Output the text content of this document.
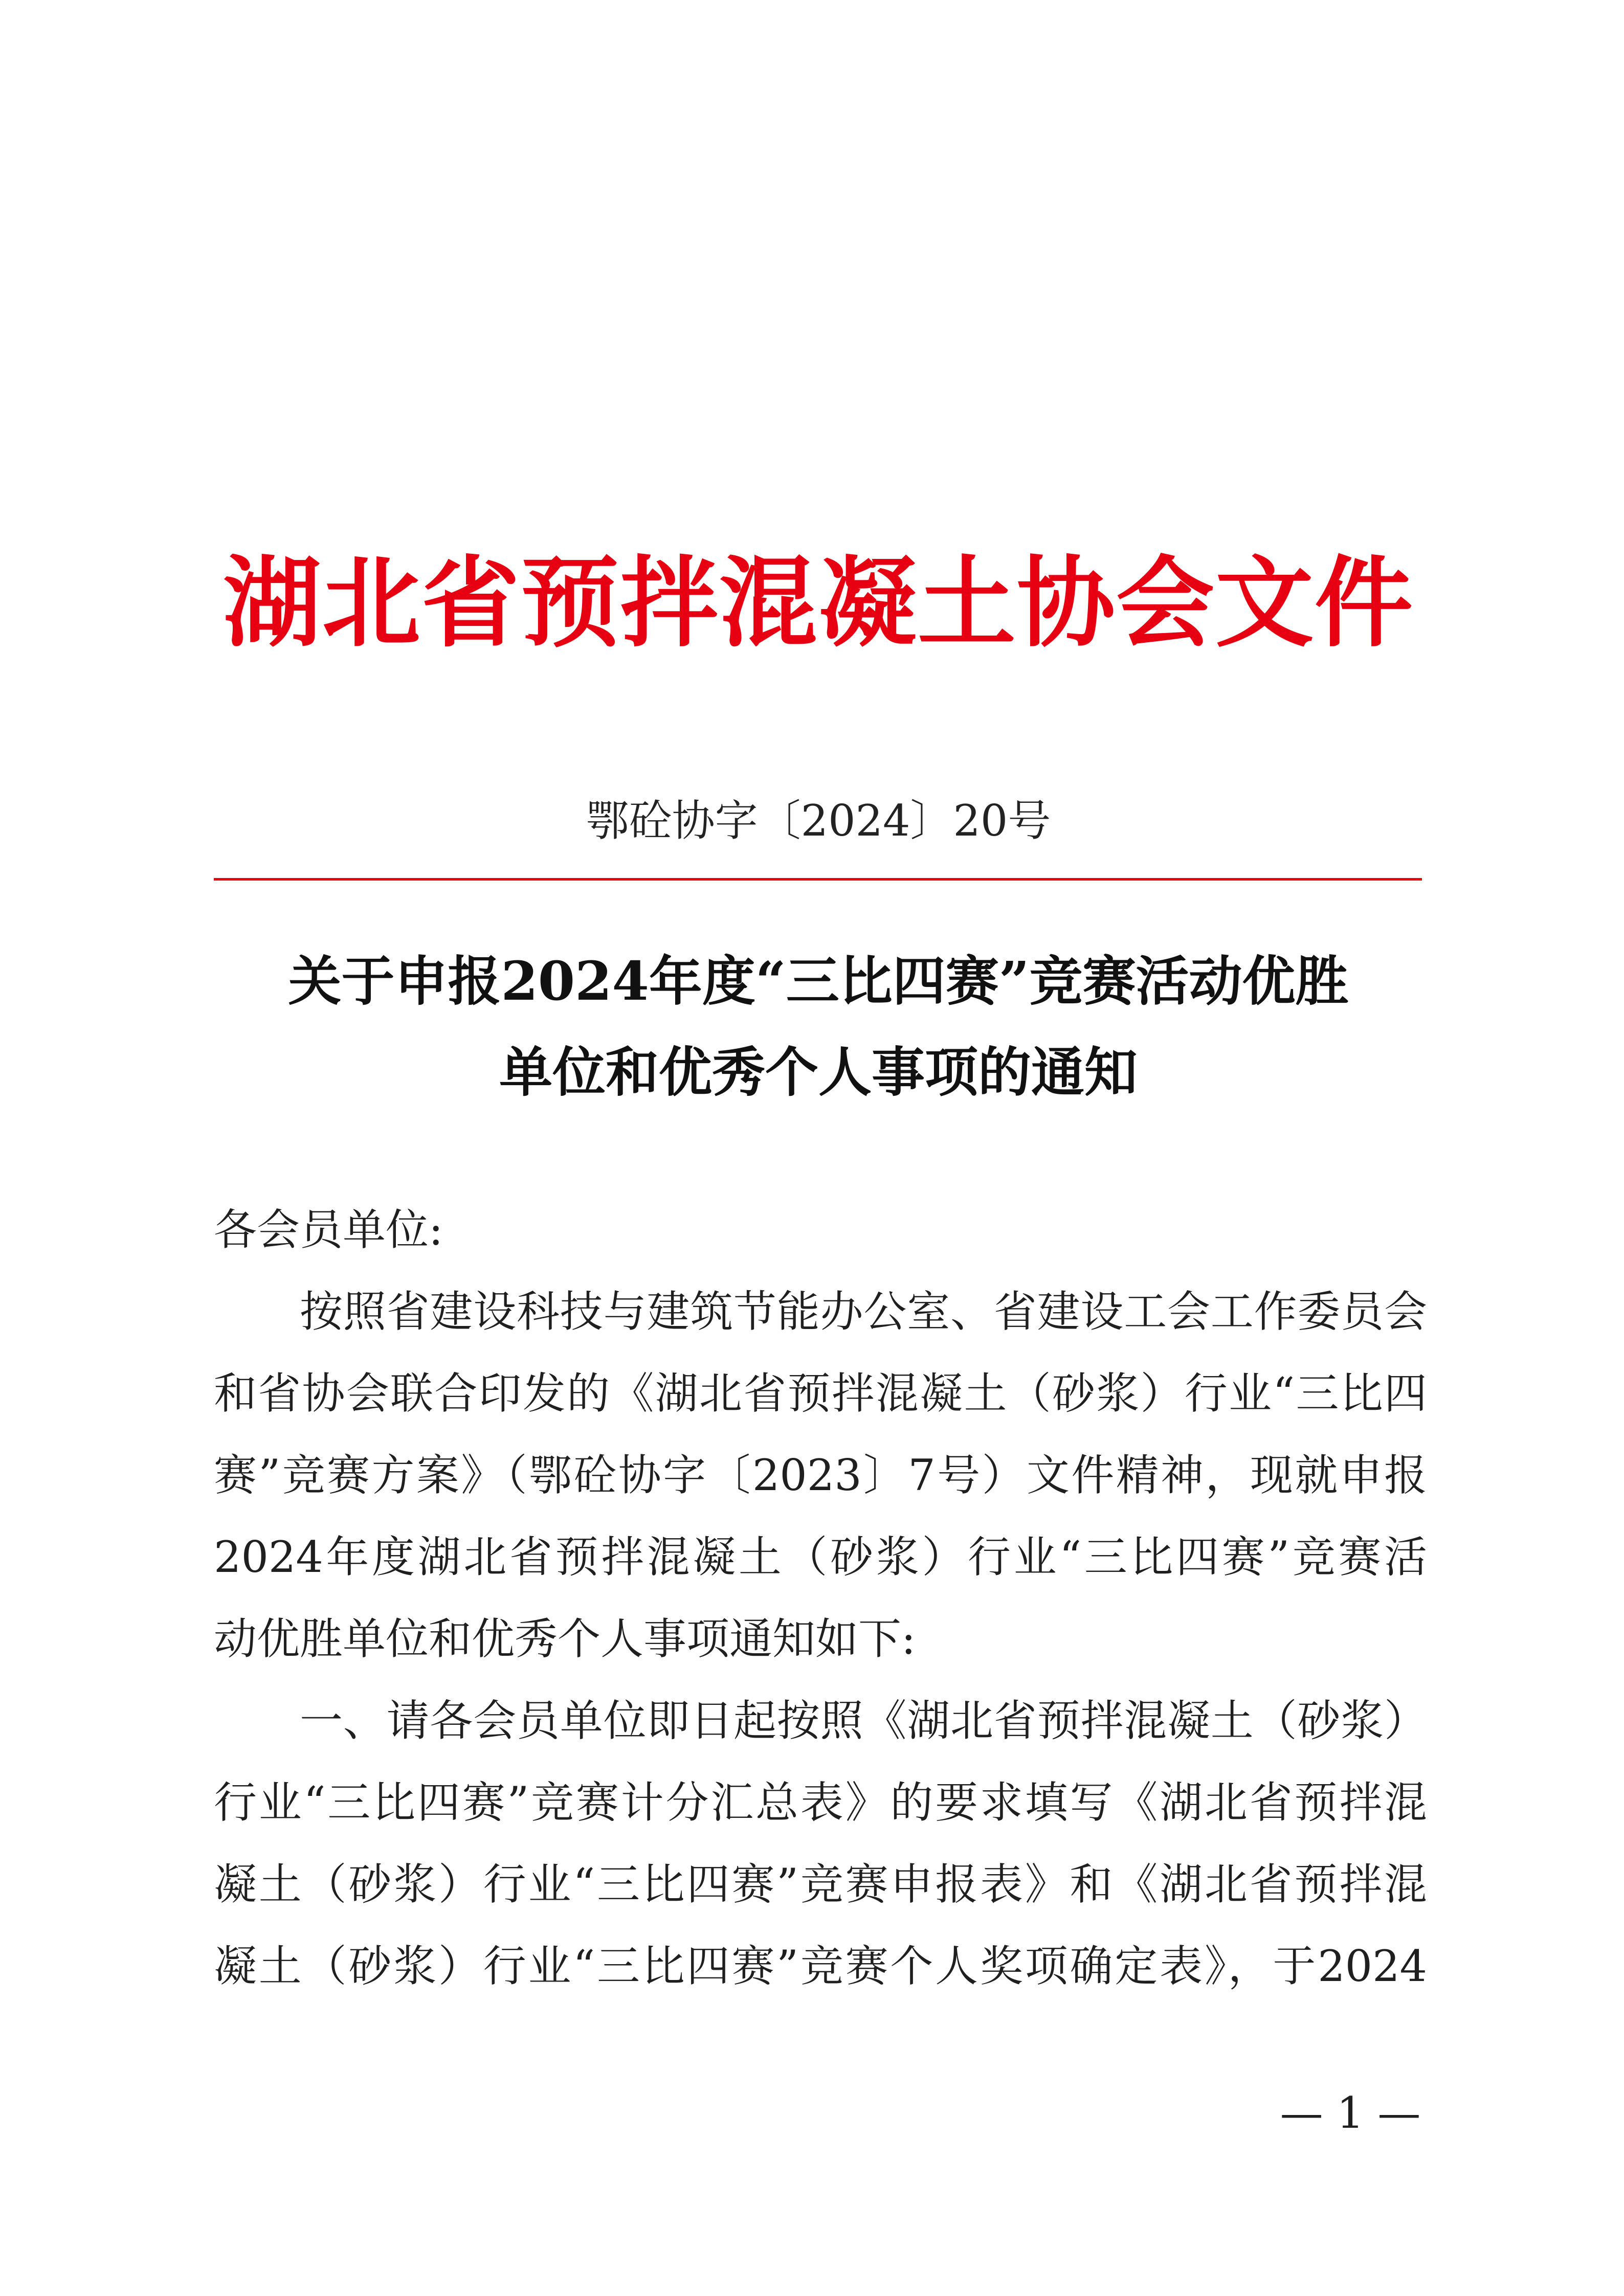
湖北省预拌混凝土协会文件
鄂砼协字〔2024〕20号
关于申报2024年度“三比四赛”竞赛活动优胜
单位和优秀个人事项的通知
各会员单位:
按照省建设科技与建筑节能办公室、省建设工会工作委员会
和省协会联合印发的《湖北省预拌混凝土（砂浆）行业“三比四
赛”竞赛方案》（鄂砼协字〔2023〕7号）文件精神，现就申报
2024年度湖北省预拌混凝土（砂浆）行业“三比四赛”竞赛活
动优胜单位和优秀个人事项通知如下:
一、请各会员单位即日起按照《湖北省预拌混凝土（砂浆）
行业“三比四赛”竞赛计分汇总表》的要求填写《湖北省预拌混
凝土（砂浆）行业“三比四赛”竞赛申报表》和《湖北省预拌混
凝土（砂浆）行业“三比四赛”竞赛个人奖项确定表》，于2024
— 1 —
